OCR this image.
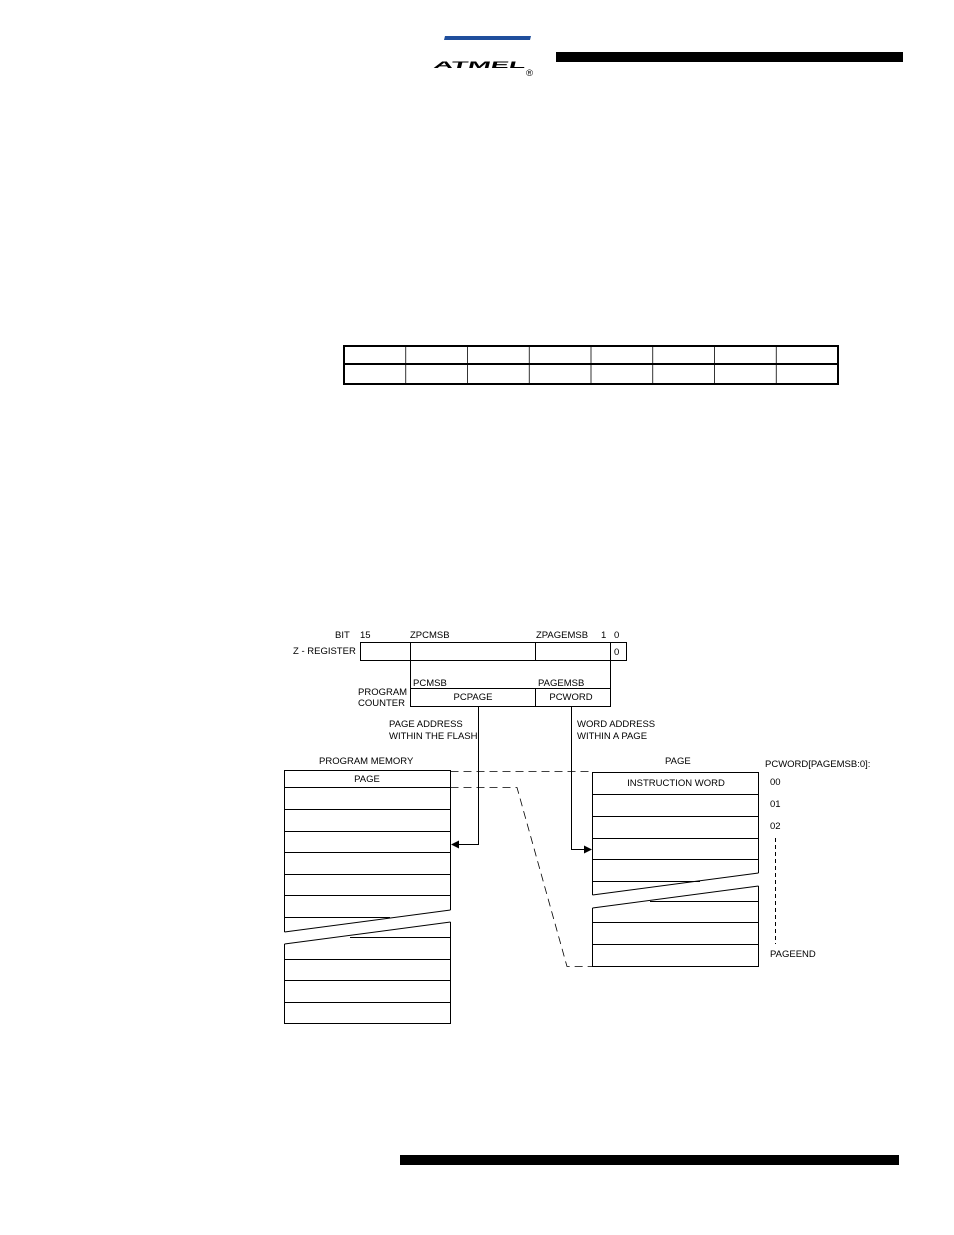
ATMEL
®
BIT 15	ZPCMSB	ZPAGEMSB 1 0
Z - REGISTER	0
PCMSB	PAGEMSB
PROGRAM
COUNTER
PCPAGE	PCWORD
PAGE ADDRESS
WITHIN THE FLASH
WORD ADDRESS
WITHIN A PAGE
PROGRAM MEMORY
PAGE
PAGE
INSTRUCTION WORD
PCWORD[PAGEMSB:0]:
00
01
02
PAGEEND
